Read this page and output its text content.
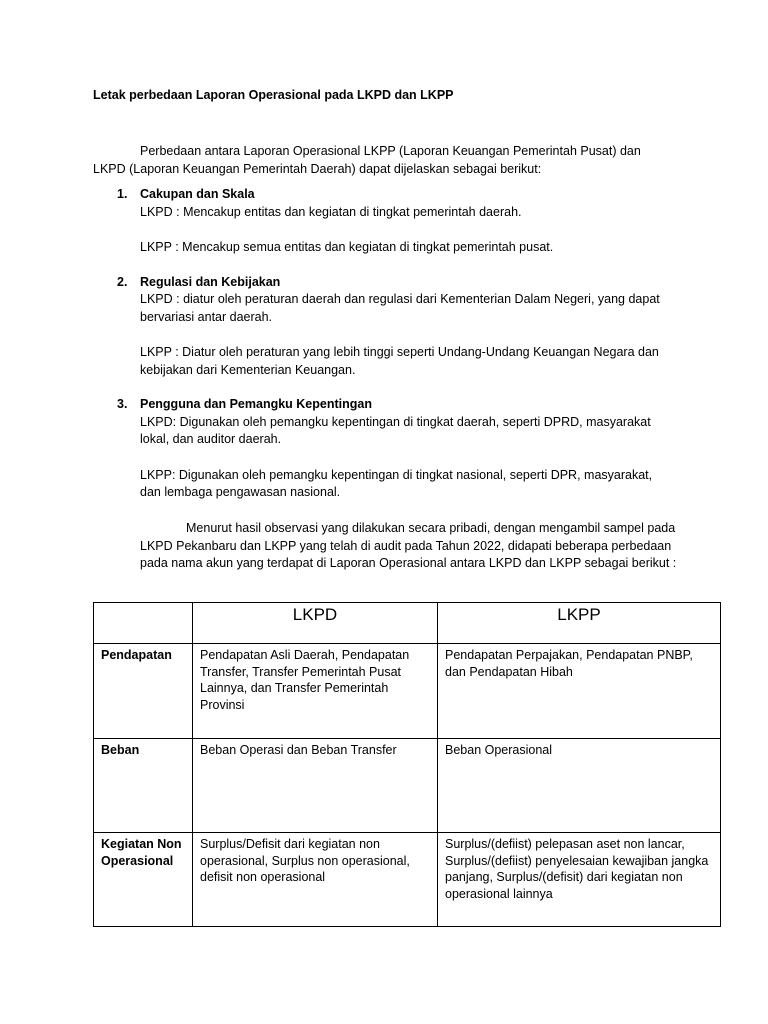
Letak perbedaan Laporan Operasional pada LKPD dan LKPP
Perbedaan antara Laporan Operasional LKPP (Laporan Keuangan Pemerintah Pusat) dan LKPD (Laporan Keuangan Pemerintah Daerah) dapat dijelaskan sebagai berikut:
1. Cakupan dan Skala

LKPD : Mencakup entitas dan kegiatan di tingkat pemerintah daerah.

LKPP : Mencakup semua entitas dan kegiatan di tingkat pemerintah pusat.

2. Regulasi dan Kebijakan

LKPD : diatur oleh peraturan daerah dan regulasi dari Kementerian Dalam Negeri, yang dapat bervariasi antar daerah.

LKPP : Diatur oleh peraturan yang lebih tinggi seperti Undang-Undang Keuangan Negara dan kebijakan dari Kementerian Keuangan.

3. Pengguna dan Pemangku Kepentingan

LKPD: Digunakan oleh pemangku kepentingan di tingkat daerah, seperti DPRD, masyarakat lokal, dan auditor daerah.

LKPP: Digunakan oleh pemangku kepentingan di tingkat nasional, seperti DPR, masyarakat, dan lembaga pengawasan nasional.

Menurut hasil observasi yang dilakukan secara pribadi, dengan mengambil sampel pada LKPD Pekanbaru dan LKPP yang telah di audit pada Tahun 2022, didapati beberapa perbedaan pada nama akun yang terdapat di Laporan Operasional antara LKPD dan LKPP sebagai berikut :
	LKPD	LKPP
Pendapatan	Pendapatan Asli Daerah, Pendapatan Transfer, Transfer Pemerintah Pusat Lainnya, dan Transfer Pemerintah Provinsi	Pendapatan Perpajakan, Pendapatan PNBP, dan Pendapatan Hibah
Beban	Beban Operasi dan Beban Transfer	Beban Operasional
Kegiatan Non Operasional	Surplus/Defisit dari kegiatan non operasional, Surplus non operasional, defisit non operasional	Surplus/(defiist) pelepasan aset non lancar, Surplus/(defiist) penyelesaian kewajiban jangka panjang, Surplus/(defisit) dari kegiatan non operasional lainnya
